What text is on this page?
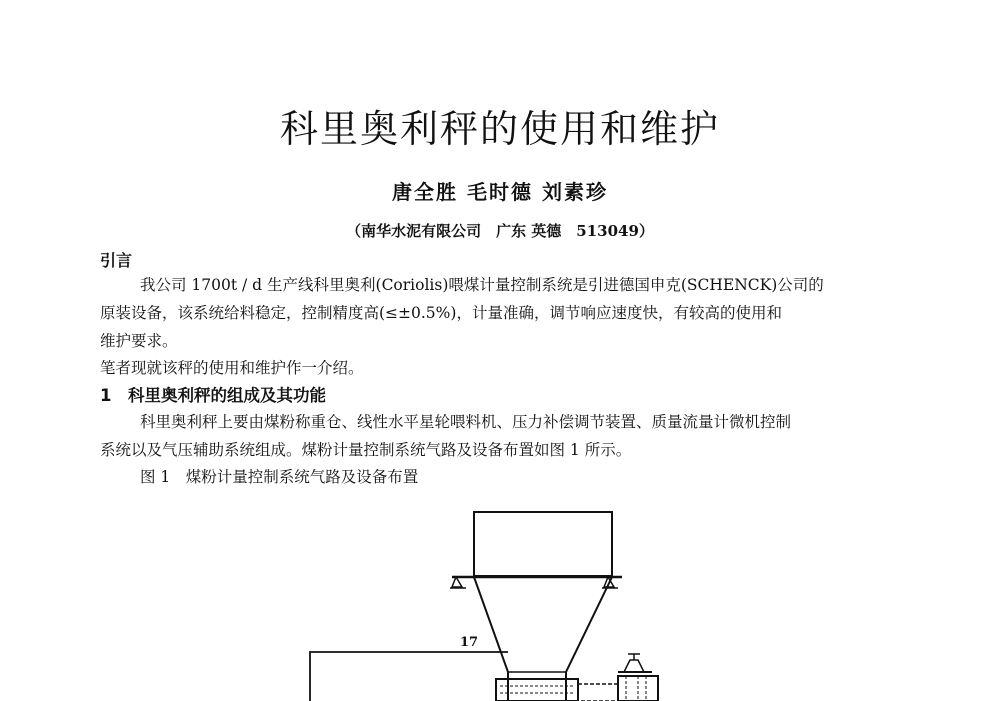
科里奥利秤的使用和维护
唐全胜 毛时德 刘素珍
（南华水泥有限公司　广东 英德　513049）
引言
我公司 1700t / d 生产线科里奥利(Coriolis)喂煤计量控制系统是引进德国申克(SCHENCK)公司的
原装设备，该系统给料稳定，控制精度高(≤±0.5%)，计量准确，调节响应速度快，有较高的使用和
维护要求。
笔者现就该秤的使用和维护作一介绍。
1 科里奥利秤的组成及其功能
科里奥利秤上要由煤粉称重仓、线性水平星轮喂料机、压力补偿调节装置、质量流量计微机控制
系统以及气压辅助系统组成。煤粉计量控制系统气路及设备布置如图 1 所示。
图 1　煤粉计量控制系统气路及设备布置
17
